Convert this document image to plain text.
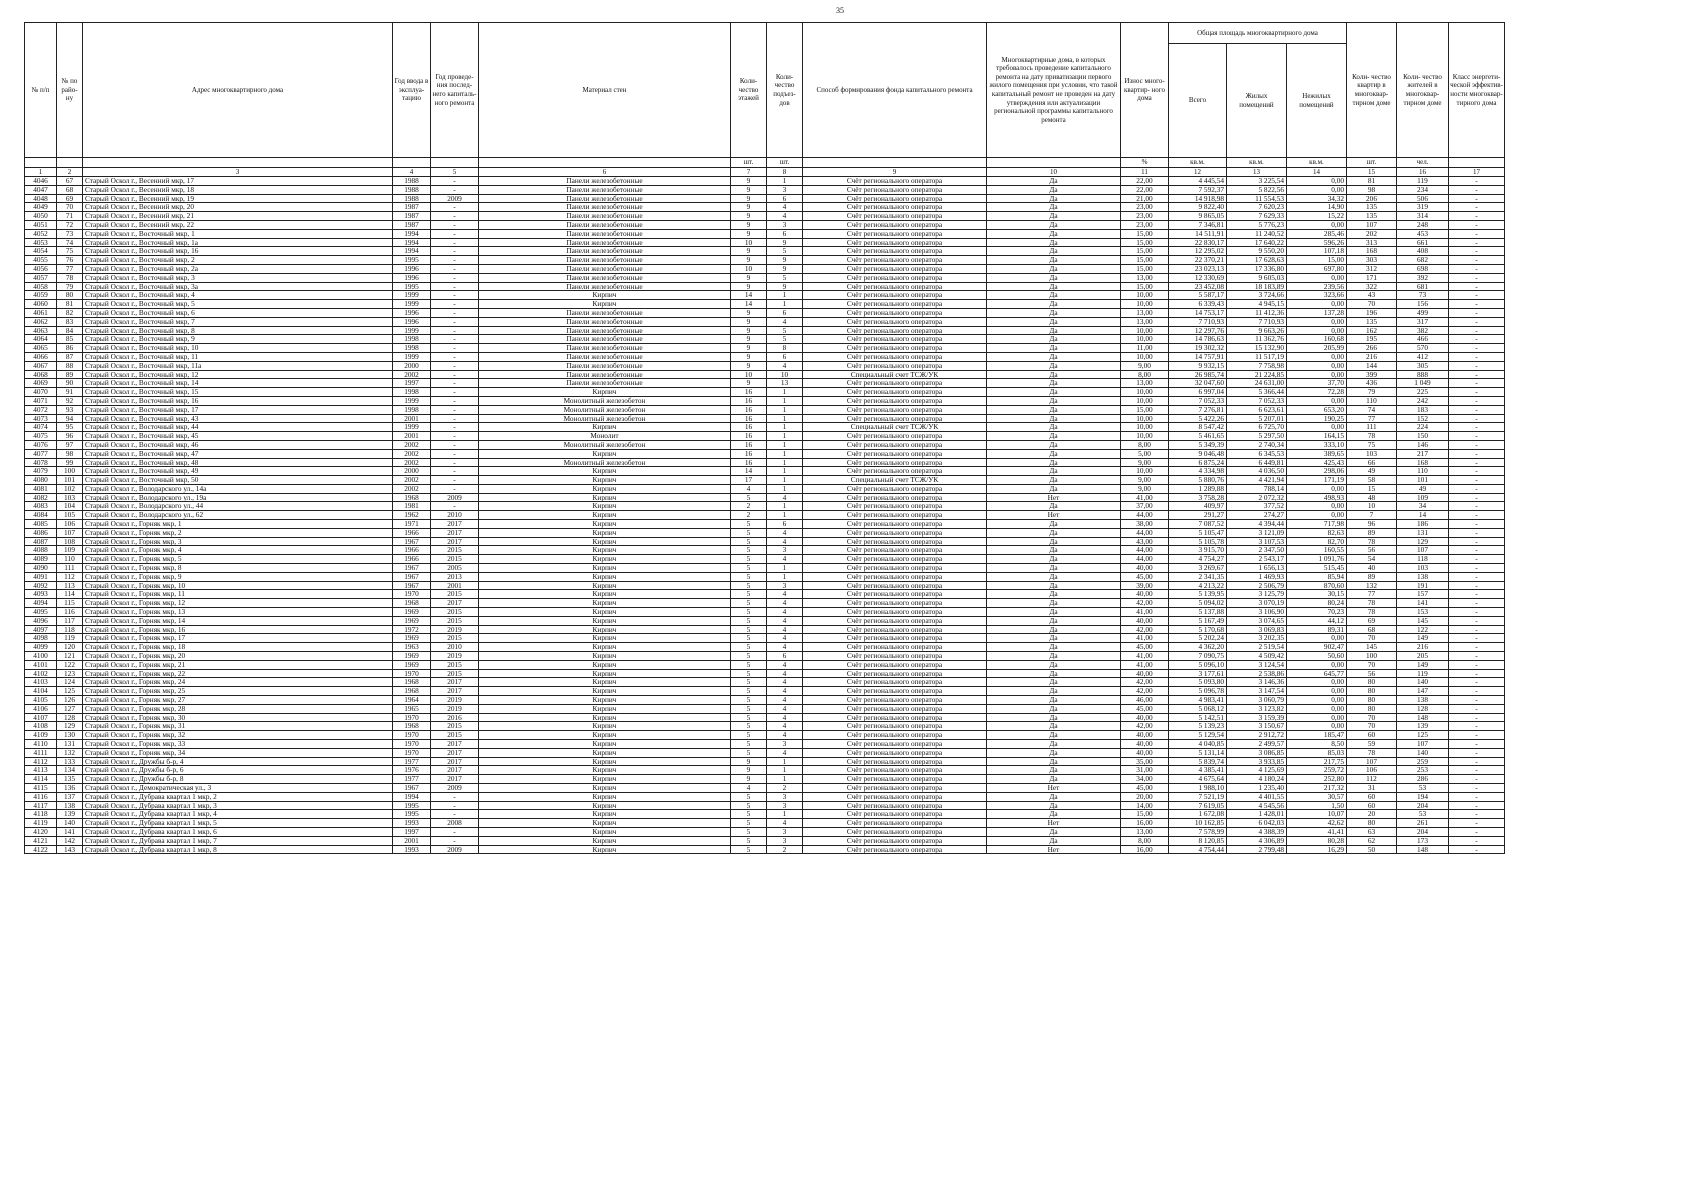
35
№ п/п	№ по райо- ну	Адрес многоквартирного дома	Год ввода в эксплуа- тацию	Год проведе- ния послед- него капиталь- ного ремонта	Материал стен	Коли- чество этажей	Коли- чество подъез- дов	Способ формирования фонда капитального ремонта	Многоквартирные дома, в которых требовалось проведение капитального ремонта на дату приватизации первого жилого помещения при условии, что такой капитальный ремонт не проведен на дату утверждения или актуализации региональной программы капитального ремонта	Износ много- квартир- ного дома	Общая площадь многоквартирного дома			Коли- чество квартир в многоквар- тирном доме	Коли- чество жителей в многоквар- тирном доме	Класс энергети- ческой эффектив- ности многоквар- тирного дома
											Всего	Жилых помещений	Нежилых помещений			
						шт.	шт.			%	кв.м.	кв.м.	кв.м.	шт.	чел.	
1	2	3	4	5	6	7	8	9	10	11	12	13	14	15	16	17
4046	67	Старый Оскол г., Весенний мкр, 17	1988	-	Панели железобетонные	9	1	Счёт регионального оператора	Да	22,00	4 445,54	3 225,54	0,00	81	119	-
4047	68	Старый Оскол г., Весенний мкр, 18	1988	-	Панели железобетонные	9	3	Счёт регионального оператора	Да	22,00	7 592,37	5 822,56	0,00	98	234	-
4048	69	Старый Оскол г., Весенний мкр, 19	1988	2009	Панели железобетонные	9	6	Счёт регионального оператора	Да	21,00	14 918,98	11 554,53	34,32	206	506	-
4049	70	Старый Оскол г., Весенний мкр, 20	1987	-	Панели железобетонные	9	4	Счёт регионального оператора	Да	23,00	9 822,40	7 620,23	14,90	135	319	-
4050	71	Старый Оскол г., Весенний мкр, 21	1987	-	Панели железобетонные	9	4	Счёт регионального оператора	Да	23,00	9 865,05	7 629,33	15,22	135	314	-
4051	72	Старый Оскол г., Весенний мкр, 22	1987	-	Панели железобетонные	9	3	Счёт регионального оператора	Да	23,00	7 346,81	5 776,23	0,00	107	248	-
4052	73	Старый Оскол г., Восточный мкр, 1	1994	-	Панели железобетонные	9	6	Счёт регионального оператора	Да	15,00	14 511,91	11 240,52	285,46	202	453	-
4053	74	Старый Оскол г., Восточный мкр, 1а	1994	-	Панели железобетонные	10	9	Счёт регионального оператора	Да	15,00	22 830,17	17 640,22	596,26	313	661	-
4054	75	Старый Оскол г., Восточный мкр, 16	1994	-	Панели железобетонные	9	5	Счёт регионального оператора	Да	15,00	12 295,02	9 550,20	107,18	168	408	-
4055	76	Старый Оскол г., Восточный мкр, 2	1995	-	Панели железобетонные	9	9	Счёт регионального оператора	Да	15,00	22 370,21	17 628,63	15,00	303	682	-
4056	77	Старый Оскол г., Восточный мкр, 2а	1996	-	Панели железобетонные	10	9	Счёт регионального оператора	Да	15,00	23 023,13	17 336,80	697,80	312	698	-
4057	78	Старый Оскол г., Восточный мкр, 3	1996	-	Панели железобетонные	9	5	Счёт регионального оператора	Да	13,00	12 330,69	9 605,03	0,00	171	392	-
4058	79	Старый Оскол г., Восточный мкр, 3а	1995	-	Панели железобетонные	9	9	Счёт регионального оператора	Да	15,00	23 452,08	18 183,89	239,56	322	681	-
4059	80	Старый Оскол г., Восточный мкр, 4	1999	-	Кирпич	14	1	Счёт регионального оператора	Да	10,00	5 587,17	3 724,66	323,66	43	73	-
4060	81	Старый Оскол г., Восточный мкр, 5	1999	-	Кирпич	14	1	Счёт регионального оператора	Да	10,00	6 339,43	4 945,15	0,00	70	156	-
4061	82	Старый Оскол г., Восточный мкр, 6	1996	-	Панели железобетонные	9	6	Счёт регионального оператора	Да	13,00	14 753,17	11 412,36	137,28	196	499	-
4062	83	Старый Оскол г., Восточный мкр, 7	1996	-	Панели железобетонные	9	4	Счёт регионального оператора	Да	13,00	7 710,93	7 710,93	0,00	135	317	-
4063	84	Старый Оскол г., Восточный мкр, 8	1999	-	Панели железобетонные	9	5	Счёт регионального оператора	Да	10,00	12 297,76	9 663,26	0,00	162	382	-
4064	85	Старый Оскол г., Восточный мкр, 9	1998	-	Панели железобетонные	9	5	Счёт регионального оператора	Да	10,00	14 786,63	11 362,76	160,68	195	466	-
4065	86	Старый Оскол г., Восточный мкр, 10	1998	-	Панели железобетонные	9	8	Счёт регионального оператора	Да	11,00	19 302,32	15 132,90	205,99	266	570	-
4066	87	Старый Оскол г., Восточный мкр, 11	1999	-	Панели железобетонные	9	6	Счёт регионального оператора	Да	10,00	14 757,91	11 517,19	0,00	216	412	-
4067	88	Старый Оскол г., Восточный мкр, 11а	2000	-	Панели железобетонные	9	4	Счёт регионального оператора	Да	9,00	9 932,15	7 758,98	0,00	144	305	-
4068	89	Старый Оскол г., Восточный мкр, 12	2002	-	Панели железобетонные	10	10	Специальный счет ТСЖ/УК	Да	8,00	26 985,74	21 224,85	0,00	399	888	-
4069	90	Старый Оскол г., Восточный мкр, 14	1997	-	Панели железобетонные	9	13	Счёт регионального оператора	Да	13,00	32 047,60	24 631,00	37,70	436	1 049	-
4070	91	Старый Оскол г., Восточный мкр, 15	1998	-	Кирпич	16	1	Счёт регионального оператора	Да	10,00	6 997,04	5 366,44	72,28	79	225	-
4071	92	Старый Оскол г., Восточный мкр, 16	1999	-	Монолитный железобетон	16	1	Счёт регионального оператора	Да	10,00	7 052,33	7 052,33	0,00	110	242	-
4072	93	Старый Оскол г., Восточный мкр, 17	1998	-	Монолитный железобетон	16	1	Счёт регионального оператора	Да	15,00	7 276,81	6 623,61	653,20	74	183	-
4073	94	Старый Оскол г., Восточный мкр, 43	2001	-	Монолитный железобетон	16	1	Счёт регионального оператора	Да	10,00	5 422,26	5 207,01	190,25	77	152	-
4074	95	Старый Оскол г., Восточный мкр, 44	1999	-	Кирпич	16	1	Специальный счет ТСЖ/УК	Да	10,00	8 547,42	6 725,70	0,00	111	224	-
4075	96	Старый Оскол г., Восточный мкр, 45	2001	-	Монолит	16	1	Счёт регионального оператора	Да	10,00	5 461,65	5 297,50	164,15	78	150	-
4076	97	Старый Оскол г., Восточный мкр, 46	2002	-	Монолитный железобетон	16	1	Счёт регионального оператора	Да	8,00	5 349,39	2 740,34	333,10	75	146	-
4077	98	Старый Оскол г., Восточный мкр, 47	2002	-	Кирпич	16	1	Счёт регионального оператора	Да	5,00	9 046,48	6 345,53	389,65	103	217	-
4078	99	Старый Оскол г., Восточный мкр, 48	2002	-	Монолитный железобетон	16	1	Счёт регионального оператора	Да	9,00	6 875,24	6 449,81	425,43	66	168	-
4079	100	Старый Оскол г., Восточный мкр, 49	2000	-	Кирпич	14	1	Счёт регионального оператора	Да	10,00	4 334,98	4 036,50	298,06	49	110	-
4080	101	Старый Оскол г., Восточный мкр, 50	2002	-	Кирпич	17	1	Специальный счет ТСЖ/УК	Да	9,00	5 880,76	4 421,94	171,19	58	101	-
4081	102	Старый Оскол г., Володарского ул., 14а	2002	-	Кирпич	4	1	Счёт регионального оператора	Да	9,00	1 289,88	788,14	0,00	15	49	-
4082	103	Старый Оскол г., Володарского ул., 19а	1968	2009	Кирпич	5	4	Счёт регионального оператора	Нет	41,00	3 758,28	2 072,32	498,93	48	109	-
4083	104	Старый Оскол г., Володарского ул., 44	1981	-	Кирпич	2	1	Счёт регионального оператора	Да	37,00	409,97	377,52	0,00	10	34	-
4084	105	Старый Оскол г., Володарского ул., 62	1962	2010	Кирпич	2	1	Счёт регионального оператора	Нет	44,00	291,27	274,27	0,00	7	14	-
4085	106	Старый Оскол г., Горняк мкр, 1	1971	2017	Кирпич	5	6	Счёт регионального оператора	Да	38,00	7 087,52	4 394,44	717,98	96	186	-
4086	107	Старый Оскол г., Горняк мкр, 2	1966	2017	Кирпич	5	4	Счёт регионального оператора	Да	44,00	5 105,47	3 121,09	82,63	89	131	-
4087	108	Старый Оскол г., Горняк мкр, 3	1967	2017	Кирпич	5	4	Счёт регионального оператора	Да	43,00	5 105,78	3 107,53	82,70	78	129	-
4088	109	Старый Оскол г., Горняк мкр, 4	1966	2015	Кирпич	5	3	Счёт регионального оператора	Да	44,00	3 915,70	2 347,50	160,55	56	107	-
4089	110	Старый Оскол г., Горняк мкр, 5	1966	2015	Кирпич	5	4	Счёт регионального оператора	Да	44,00	4 754,27	2 543,17	1 091,76	54	118	-
4090	111	Старый Оскол г., Горняк мкр, 8	1967	2005	Кирпич	5	1	Счёт регионального оператора	Да	40,00	3 269,67	1 656,13	515,45	40	103	-
4091	112	Старый Оскол г., Горняк мкр, 9	1967	2013	Кирпич	5	1	Счёт регионального оператора	Да	45,00	2 341,35	1 469,93	85,94	89	138	-
4092	113	Старый Оскол г., Горняк мкр, 10	1967	2001	Кирпич	5	3	Счёт регионального оператора	Да	39,00	4 213,22	2 506,79	870,60	132	191	-
4093	114	Старый Оскол г., Горняк мкр, 11	1970	2015	Кирпич	5	4	Счёт регионального оператора	Да	40,00	5 139,95	3 125,79	30,15	77	157	-
4094	115	Старый Оскол г., Горняк мкр, 12	1968	2017	Кирпич	5	4	Счёт регионального оператора	Да	42,00	5 094,02	3 070,19	80,24	78	141	-
4095	116	Старый Оскол г., Горняк мкр, 13	1969	2015	Кирпич	5	4	Счёт регионального оператора	Да	41,00	5 137,88	3 106,90	70,23	78	153	-
4096	117	Старый Оскол г., Горняк мкр, 14	1969	2015	Кирпич	5	4	Счёт регионального оператора	Да	40,00	5 167,49	3 074,65	44,12	69	145	-
4097	118	Старый Оскол г., Горняк мкр, 16	1972	2019	Кирпич	5	4	Счёт регионального оператора	Да	42,00	5 170,68	3 069,83	89,31	68	122	-
4098	119	Старый Оскол г., Горняк мкр, 17	1969	2015	Кирпич	5	4	Счёт регионального оператора	Да	41,00	5 202,24	3 202,35	0,00	70	149	-
4099	120	Старый Оскол г., Горняк мкр, 18	1963	2010	Кирпич	5	4	Счёт регионального оператора	Да	45,00	4 362,20	2 519,54	902,47	145	216	-
4100	121	Старый Оскол г., Горняк мкр, 20	1969	2019	Кирпич	5	6	Счёт регионального оператора	Да	41,00	7 090,75	4 509,42	50,60	100	205	-
4101	122	Старый Оскол г., Горняк мкр, 21	1969	2015	Кирпич	5	4	Счёт регионального оператора	Да	41,00	5 096,10	3 124,54	0,00	70	149	-
4102	123	Старый Оскол г., Горняк мкр, 22	1970	2015	Кирпич	5	4	Счёт регионального оператора	Да	40,00	3 177,61	2 538,86	645,77	56	119	-
4103	124	Старый Оскол г., Горняк мкр, 24	1968	2017	Кирпич	5	4	Счёт регионального оператора	Да	42,00	5 093,80	3 146,36	0,00	80	140	-
4104	125	Старый Оскол г., Горняк мкр, 25	1968	2017	Кирпич	5	4	Счёт регионального оператора	Да	42,00	5 096,78	3 147,54	0,00	80	147	-
4105	126	Старый Оскол г., Горняк мкр, 27	1964	2019	Кирпич	5	4	Счёт регионального оператора	Да	46,00	4 983,41	3 060,79	0,00	80	138	-
4106	127	Старый Оскол г., Горняк мкр, 28	1965	2019	Кирпич	5	4	Счёт регионального оператора	Да	45,00	5 068,12	3 123,82	0,00	80	128	-
4107	128	Старый Оскол г., Горняк мкр, 30	1970	2016	Кирпич	5	4	Счёт регионального оператора	Да	40,00	5 142,51	3 159,39	0,00	70	148	-
4108	129	Старый Оскол г., Горняк мкр, 31	1968	2015	Кирпич	5	4	Счёт регионального оператора	Да	42,00	5 139,23	3 150,67	0,00	70	139	-
4109	130	Старый Оскол г., Горняк мкр, 32	1970	2015	Кирпич	5	4	Счёт регионального оператора	Да	40,00	5 129,54	2 912,72	185,47	60	125	-
4110	131	Старый Оскол г., Горняк мкр, 33	1970	2017	Кирпич	5	3	Счёт регионального оператора	Да	40,00	4 040,85	2 499,57	8,50	59	107	-
4111	132	Старый Оскол г., Горняк мкр, 34	1970	2017	Кирпич	5	4	Счёт регионального оператора	Да	40,00	5 131,14	3 086,85	85,03	78	140	-
4112	133	Старый Оскол г., Дружбы б-р, 4	1977	2017	Кирпич	9	1	Счёт регионального оператора	Да	35,00	5 839,74	3 933,85	217,75	107	259	-
4113	134	Старый Оскол г., Дружбы б-р, 6	1976	2017	Кирпич	9	1	Счёт регионального оператора	Да	31,00	4 385,41	4 125,69	259,72	106	253	-
4114	135	Старый Оскол г., Дружбы б-р, 8	1977	2017	Кирпич	9	1	Счёт регионального оператора	Да	34,00	4 675,64	4 180,24	252,80	112	286	-
4115	136	Старый Оскол г., Демократическая ул., 3	1967	2009	Кирпич	4	2	Счёт регионального оператора	Нет	45,00	1 988,10	1 235,40	217,32	31	53	-
4116	137	Старый Оскол г., Дубрава квартал 1 мкр, 2	1994	-	Кирпич	5	3	Счёт регионального оператора	Да	20,00	7 521,19	4 401,55	30,57	60	194	-
4117	138	Старый Оскол г., Дубрава квартал 1 мкр, 3	1995	-	Кирпич	5	3	Счёт регионального оператора	Да	14,00	7 619,05	4 545,56	1,50	60	204	-
4118	139	Старый Оскол г., Дубрава квартал 1 мкр, 4	1995	-	Кирпич	5	1	Счёт регионального оператора	Да	15,00	1 672,08	1 428,01	10,07	20	53	-
4119	140	Старый Оскол г., Дубрава квартал 1 мкр, 5	1993	2008	Кирпич	5	4	Счёт регионального оператора	Нет	16,00	10 162,85	6 042,03	42,62	80	261	-
4120	141	Старый Оскол г., Дубрава квартал 1 мкр, 6	1997	-	Кирпич	5	3	Счёт регионального оператора	Да	13,00	7 578,99	4 388,39	41,41	63	204	-
4121	142	Старый Оскол г., Дубрава квартал 1 мкр, 7	2001	-	Кирпич	5	3	Счёт регионального оператора	Да	8,00	8 120,85	4 306,89	80,28	62	173	-
4122	143	Старый Оскол г., Дубрава квартал 1 мкр, 8	1993	2009	Кирпич	5	2	Счёт регионального оператора	Нет	16,00	4 754,44	2 799,48	16,29	50	148	-
